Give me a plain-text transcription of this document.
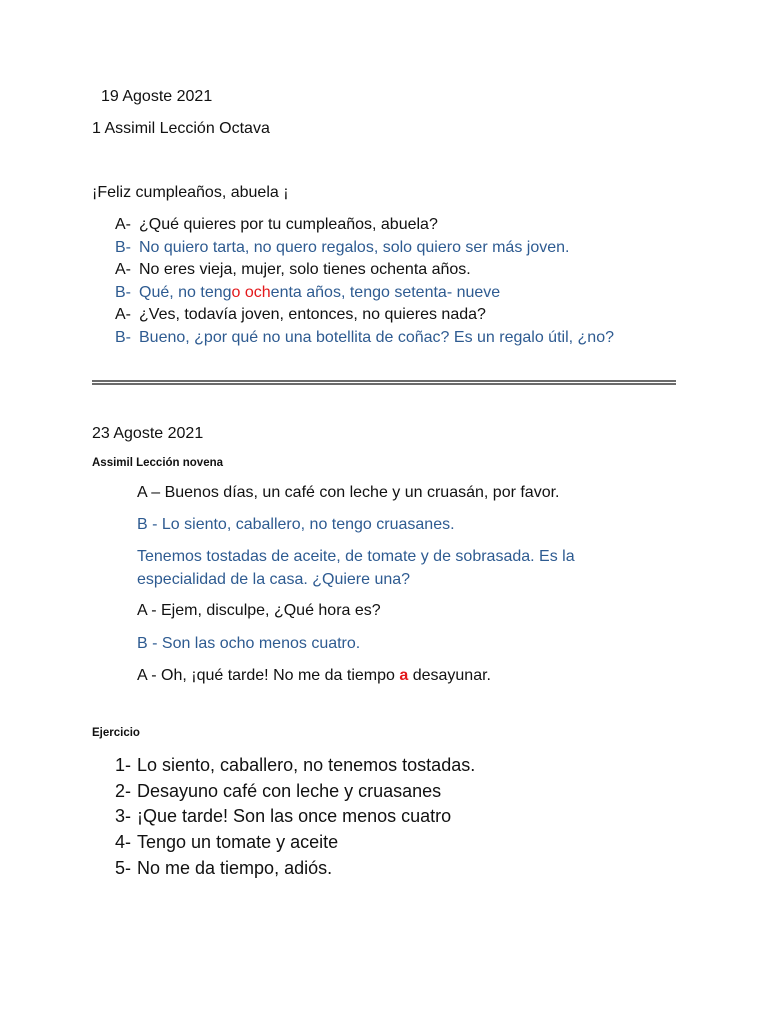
19 Agoste 2021
1 Assimil Lección Octava
¡Feliz cumpleaños, abuela ¡
A- ¿Qué quieres por tu cumpleaños, abuela?
B- No quiero tarta, no quero regalos, solo quiero ser más joven.
A- No eres vieja, mujer, solo tienes ochenta años.
B- Qué, no tengo ochenta años, tengo setenta- nueve
A- ¿Ves, todavía joven, entonces, no quieres nada?
B- Bueno, ¿por qué no una botellita de coñac? Es un regalo útil, ¿no?
23 Agoste 2021
Assimil Lección novena
A – Buenos días, un café con leche y un cruasán, por favor.
B - Lo siento, caballero, no tengo cruasanes.
Tenemos tostadas de aceite, de tomate y de sobrasada. Es la
especialidad de la casa. ¿Quiere una?
A - Ejem, disculpe, ¿Qué hora es?
B - Son las ocho menos cuatro.
A - Oh, ¡qué tarde! No me da tiempo a desayunar.
Ejercicio
1- Lo siento, caballero, no tenemos tostadas.
2- Desayuno café con leche y cruasanes
3- ¡Que tarde! Son las once menos cuatro
4- Tengo un tomate y aceite
5- No me da tiempo, adiós.
